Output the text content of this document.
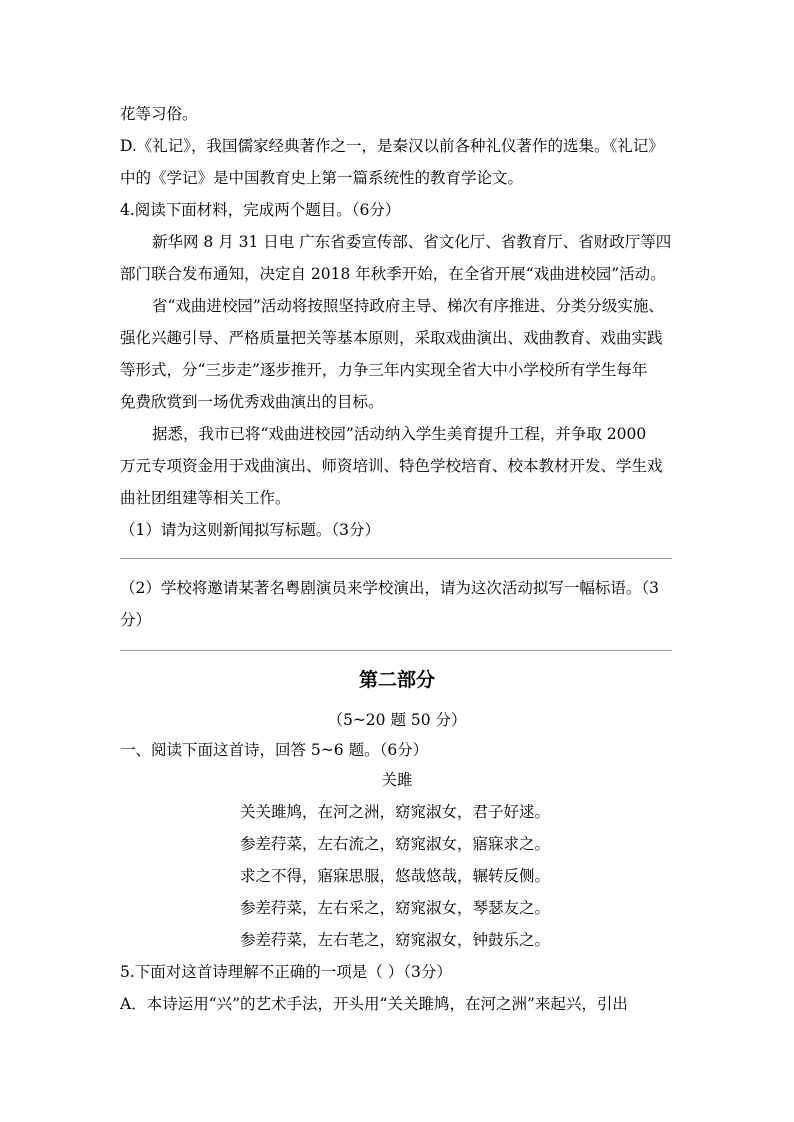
花等习俗。
D.《礼记》，我国儒家经典著作之一，是秦汉以前各种礼仪著作的选集。《礼记》
中的《学记》是中国教育史上第一篇系统性的教育学论文。
4.阅读下面材料，完成两个题目。（6分）
新华网 8 月 31 日电 广东省委宣传部、省文化厅、省教育厅、省财政厅等四
部门联合发布通知，决定自 2018 年秋季开始，在全省开展“戏曲进校园”活动。
省“戏曲进校园”活动将按照坚持政府主导、梯次有序推进、分类分级实施、
强化兴趣引导、严格质量把关等基本原则，采取戏曲演出、戏曲教育、戏曲实践
等形式，分“三步走”逐步推开，力争三年内实现全省大中小学校所有学生每年
免费欣赏到一场优秀戏曲演出的目标。
据悉，我市已将“戏曲进校园”活动纳入学生美育提升工程，并争取 2000
万元专项资金用于戏曲演出、师资培训、特色学校培育、校本教材开发、学生戏
曲社团组建等相关工作。
（1）请为这则新闻拟写标题。（3分）
（2）学校将邀请某著名粤剧演员来学校演出，请为这次活动拟写一幅标语。（3
分）
第二部分
（5~20 题 50 分）
一、阅读下面这首诗，回答 5~6 题。（6分）
关雎
关关雎鸠，在河之洲，窈窕淑女，君子好逑。
参差荇菜，左右流之，窈窕淑女，寤寐求之。
求之不得，寤寐思服，悠哉悠哉，辗转反侧。
参差荇菜，左右采之，窈窕淑女，琴瑟友之。
参差荇菜，左右芼之，窈窕淑女，钟鼓乐之。
5.下面对这首诗理解不正确的一项是（ ）（3分）
A．本诗运用“兴”的艺术手法，开头用“关关雎鸠，在河之洲”来起兴，引出
